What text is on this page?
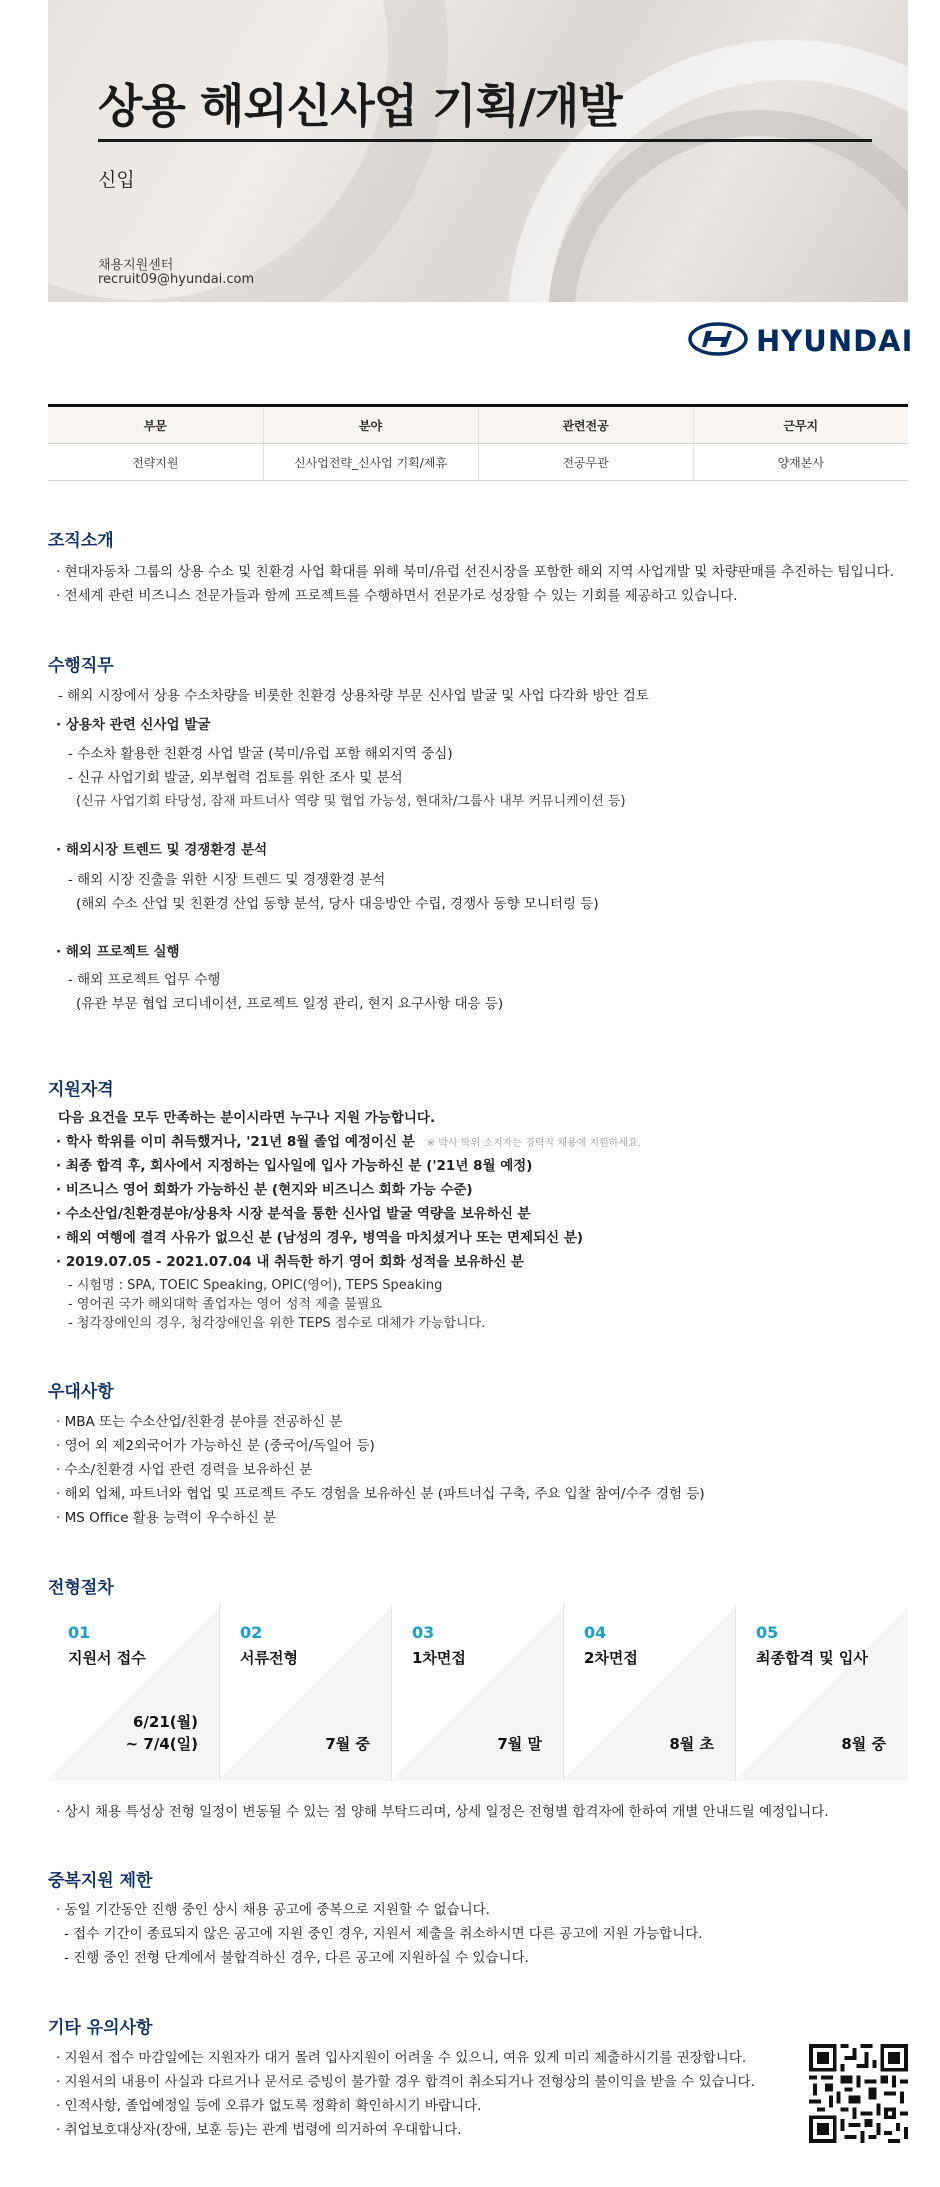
상용 해외신사업 기획/개발
신입
채용지원센터
recruit09@hyundai.com
HYUNDAI
부문	분야	관련전공	근무지
전략지원	신사업전략_신사업 기획/제휴	전공무관	양재본사
조직소개
· 현대자동차 그룹의 상용 수소 및 친환경 사업 확대를 위해 북미/유럽 선진시장을 포함한 해외 지역 사업개발 및 차량판매를 추진하는 팀입니다.
· 전세계 관련 비즈니스 전문가들과 함께 프로젝트를 수행하면서 전문가로 성장할 수 있는 기회를 제공하고 있습니다.
수행직무
- 해외 시장에서 상용 수소차량을 비롯한 친환경 상용차량 부문 신사업 발굴 및 사업 다각화 방안 검토
· 상용차 관련 신사업 발굴
- 수소차 활용한 친환경 사업 발굴 (북미/유럽 포함 해외지역 중심)
- 신규 사업기회 발굴, 외부협력 검토를 위한 조사 및 분석
(신규 사업기회 타당성, 잠재 파트너사 역량 및 협업 가능성, 현대차/그룹사 내부 커뮤니케이션 등)
· 해외시장 트렌드 및 경쟁환경 분석
- 해외 시장 진출을 위한 시장 트렌드 및 경쟁환경 분석
(해외 수소 산업 및 친환경 산업 동향 분석, 당사 대응방안 수립, 경쟁사 동향 모니터링 등)
· 해외 프로젝트 실행
- 해외 프로젝트 업무 수행
(유관 부문 협업 코디네이션, 프로젝트 일정 관리, 현지 요구사항 대응 등)
지원자격
다음 요건을 모두 만족하는 분이시라면 누구나 지원 가능합니다.
· 학사 학위를 이미 취득했거나, '21년 8월 졸업 예정이신 분 ※ 박사 학위 소지자는 경력직 채용에 지원하세요.
· 최종 합격 후, 회사에서 지정하는 입사일에 입사 가능하신 분 ('21년 8월 예정)
· 비즈니스 영어 회화가 가능하신 분 (현지와 비즈니스 회화 가능 수준)
· 수소산업/친환경분야/상용차 시장 분석을 통한 신사업 발굴 역량을 보유하신 분
· 해외 여행에 결격 사유가 없으신 분 (남성의 경우, 병역을 마치셨거나 또는 면제되신 분)
· 2019.07.05 - 2021.07.04 내 취득한 하기 영어 회화 성적을 보유하신 분
- 시험명 : SPA, TOEIC Speaking, OPIC(영어), TEPS Speaking
- 영어권 국가 해외대학 졸업자는 영어 성적 제출 불필요
- 청각장애인의 경우, 청각장애인을 위한 TEPS 점수로 대체가 가능합니다.
우대사항
· MBA 또는 수소산업/친환경 분야를 전공하신 분
· 영어 외 제2외국어가 가능하신 분 (중국어/독일어 등)
· 수소/친환경 사업 관련 경력을 보유하신 분
· 해외 업체, 파트너와 협업 및 프로젝트 주도 경험을 보유하신 분 (파트너십 구축, 주요 입찰 참여/수주 경험 등)
· MS Office 활용 능력이 우수하신 분
전형절차
01
지원서 접수
6/21(월)
~ 7/4(일)
02
서류전형
7월 중
03
1차면접
7월 말
04
2차면접
8월 초
05
최종합격 및 입사
8월 중
· 상시 채용 특성상 전형 일정이 변동될 수 있는 점 양해 부탁드리며, 상세 일정은 전형별 합격자에 한하여 개별 안내드릴 예정입니다.
중복지원 제한
· 동일 기간동안 진행 중인 상시 채용 공고에 중복으로 지원할 수 없습니다.
- 접수 기간이 종료되지 않은 공고에 지원 중인 경우, 지원서 제출을 취소하시면 다른 공고에 지원 가능합니다.
- 진행 중인 전형 단계에서 불합격하신 경우, 다른 공고에 지원하실 수 있습니다.
기타 유의사항
· 지원서 접수 마감일에는 지원자가 대거 몰려 입사지원이 어려울 수 있으니, 여유 있게 미리 제출하시기를 권장합니다.
· 지원서의 내용이 사실과 다르거나 문서로 증빙이 불가할 경우 합격이 취소되거나 전형상의 불이익을 받을 수 있습니다.
· 인적사항, 졸업예정일 등에 오류가 없도록 정확히 확인하시기 바랍니다.
· 취업보호대상자(장애, 보훈 등)는 관계 법령에 의거하여 우대합니다.
